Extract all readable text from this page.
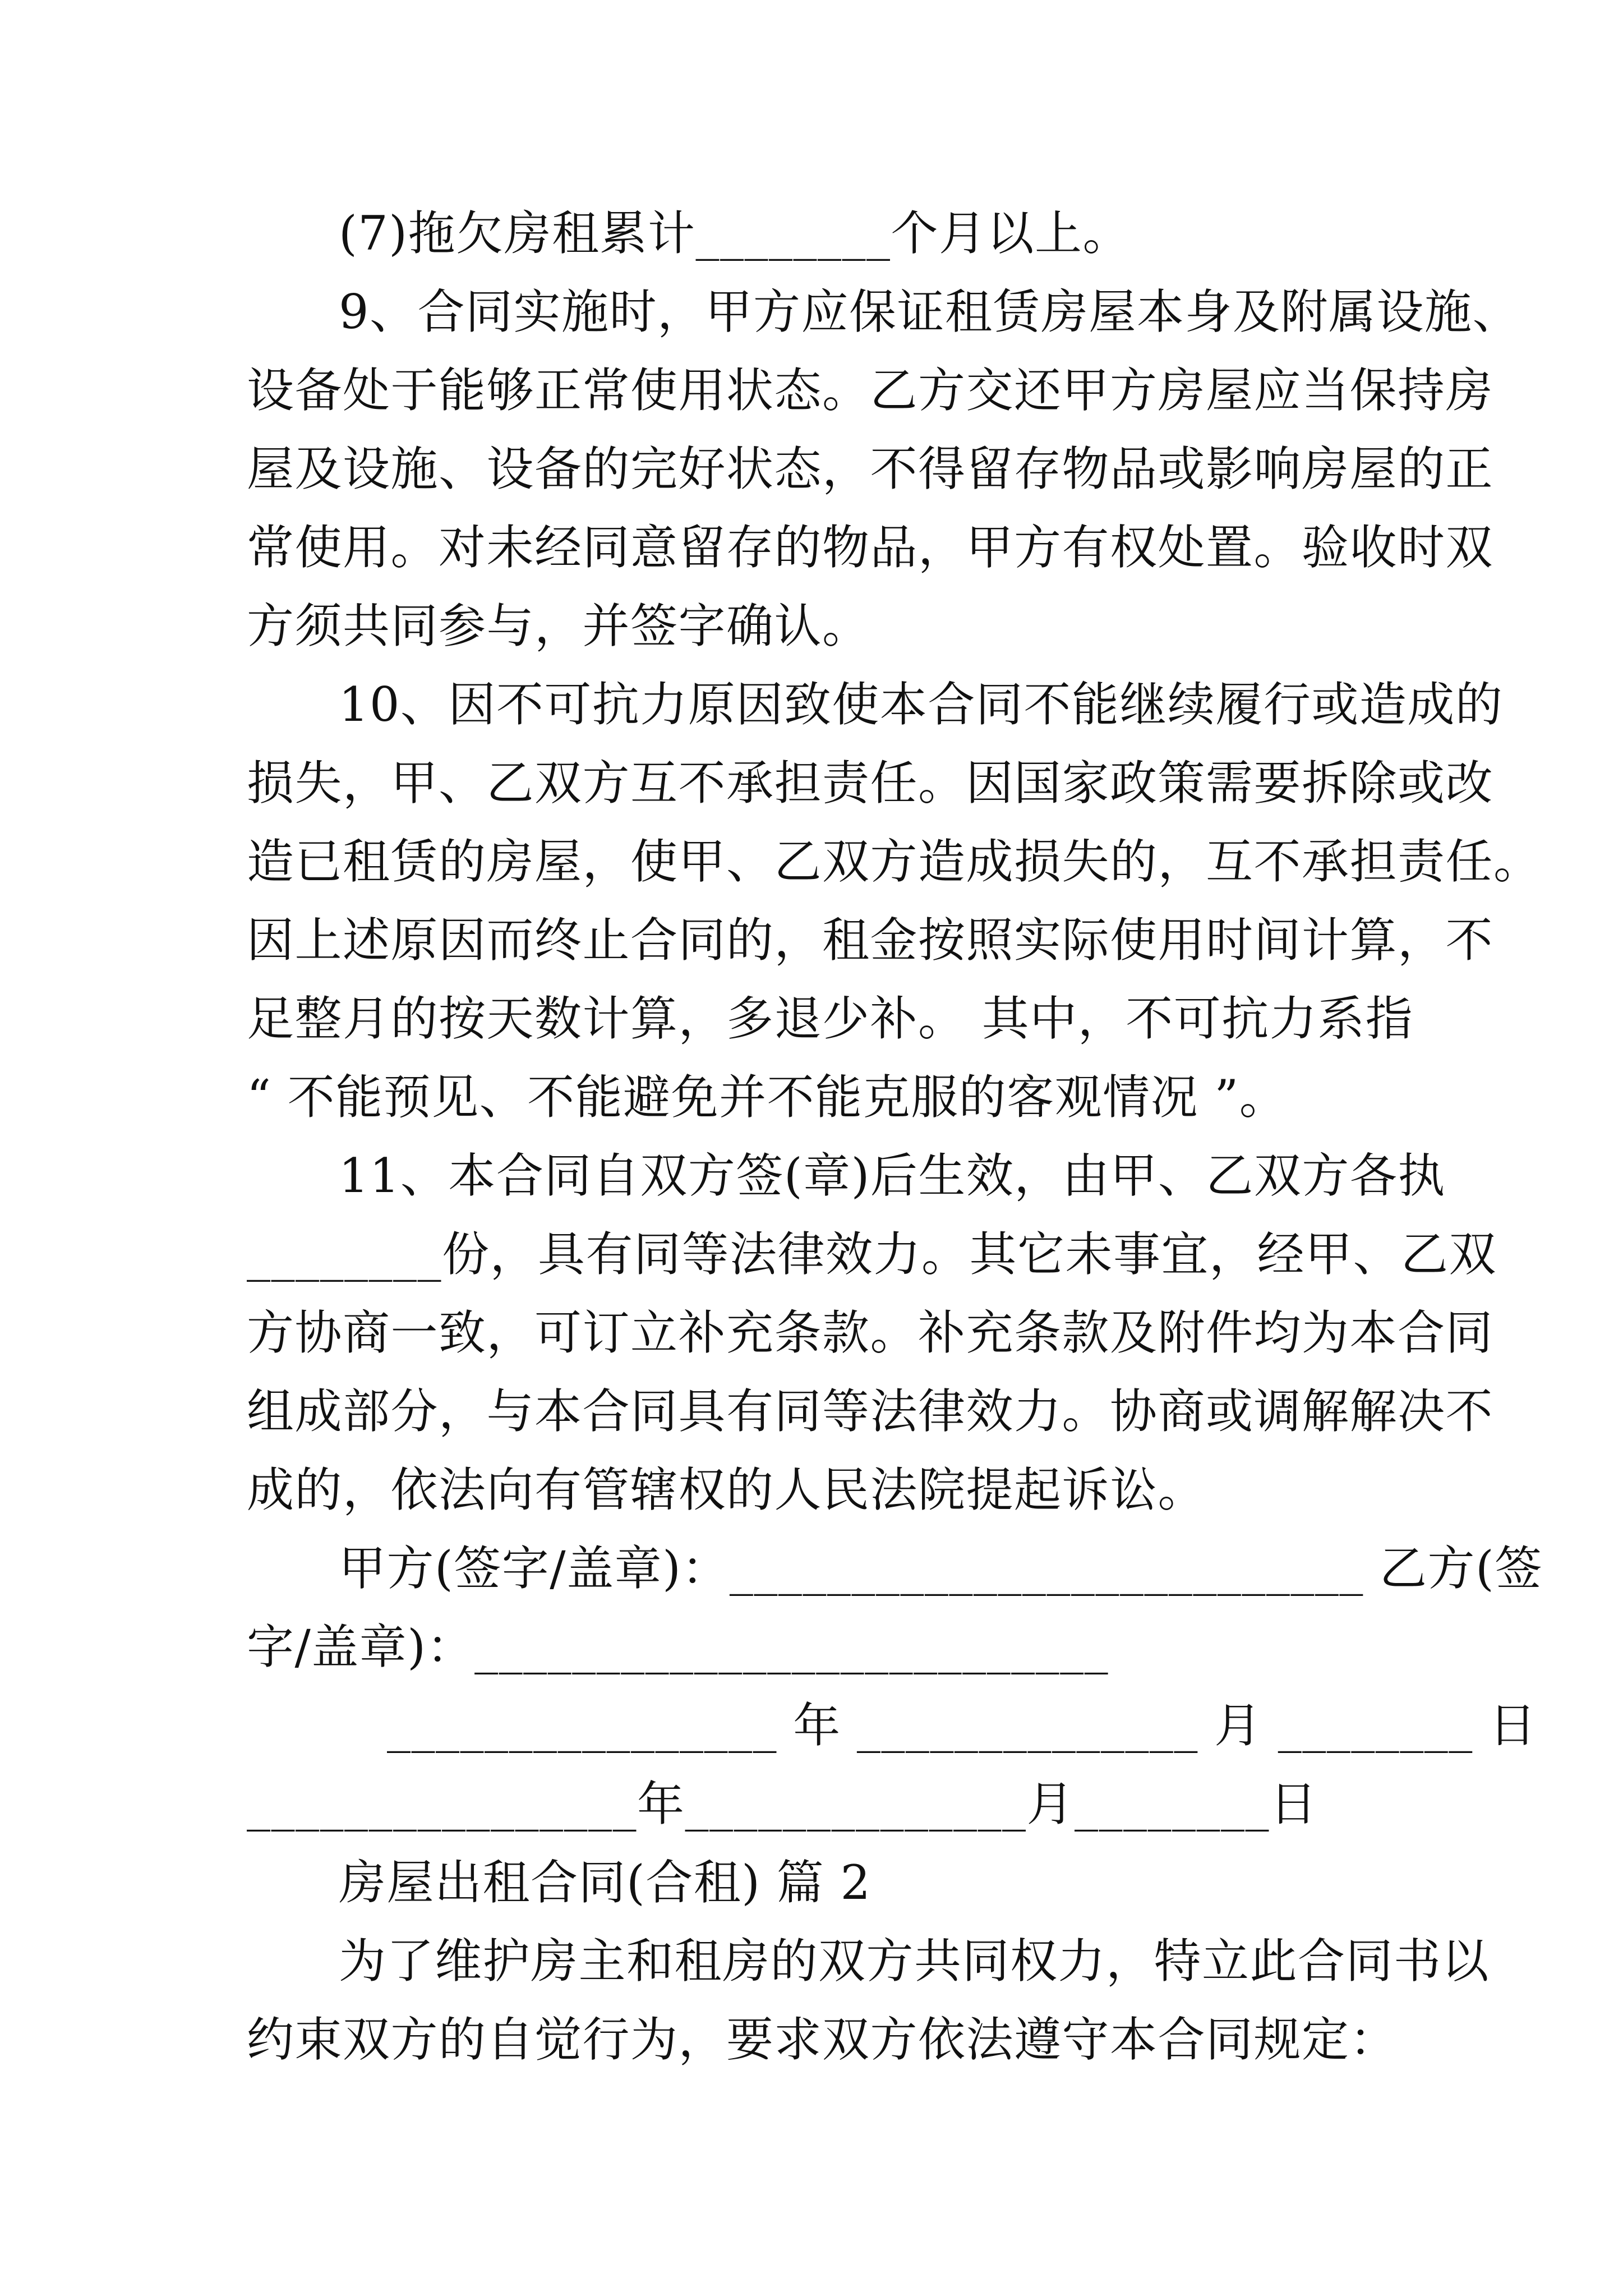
(7)拖欠房租累计________个月以上。

9、合同实施时，甲方应保证租赁房屋本身及附属设施、

设备处于能够正常使用状态。乙方交还甲方房屋应当保持房

屋及设施、设备的完好状态，不得留存物品或影响房屋的正

常使用。对未经同意留存的物品，甲方有权处置。验收时双

方须共同参与，并签字确认。

10、因不可抗力原因致使本合同不能继续履行或造成的

损失，甲、乙双方互不承担责任。因国家政策需要拆除或改

造已租赁的房屋，使甲、乙双方造成损失的，互不承担责任。

因上述原因而终止合同的，租金按照实际使用时间计算，不

足整月的按天数计算，多退少补。 其中，不可抗力系指

“ 不能预见、不能避免并不能克服的客观情况 ”。

11、本合同自双方签(章)后生效，由甲、乙双方各执

________份，具有同等法律效力。其它未事宜，经甲、乙双

方协商一致，可订立补充条款。补充条款及附件均为本合同

组成部分，与本合同具有同等法律效力。协商或调解解决不

成的，依法向有管辖权的人民法院提起诉讼。

甲方(签字/盖章)：__________________________ 乙方(签

字/盖章)：__________________________

________________ 年 ______________ 月 ________ 日

________________年______________月________日

房屋出租合同(合租) 篇 2

为了维护房主和租房的双方共同权力，特立此合同书以

约束双方的自觉行为，要求双方依法遵守本合同规定：
